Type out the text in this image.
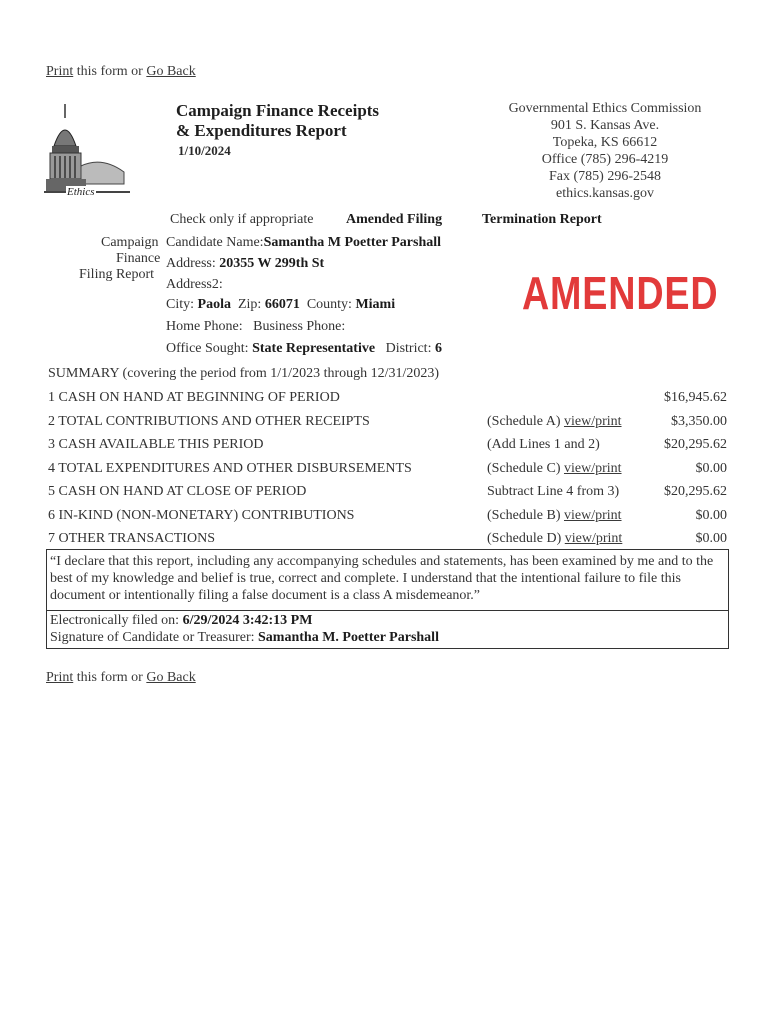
Print this form or Go Back
Ethics
Campaign Finance Receipts
& Expenditures Report
1/10/2024
Governmental Ethics Commission
901 S. Kansas Ave.
Topeka, KS 66612
Office (785) 296-4219
Fax (785) 296-2548
ethics.kansas.gov
Check only if appropriate Amended Filing	Termination Report
Campaign
Finance
Filing Report
Candidate Name:Samantha M Poetter Parshall
Address: 20355 W 299th St
Address2:
City: Paola Zip: 66071 County: Miami
Home Phone: Business Phone:
Office Sought: State Representative District: 6
AMENDED
SUMMARY (covering the period from 1/1/2023 through 12/31/2023)
1 CASH ON HAND AT BEGINNING OF PERIOD	$16,945.62
2 TOTAL CONTRIBUTIONS AND OTHER RECEIPTS	(Schedule A) view/print	$3,350.00
3 CASH AVAILABLE THIS PERIOD	(Add Lines 1 and 2)	$20,295.62
4 TOTAL EXPENDITURES AND OTHER DISBURSEMENTS	(Schedule C) view/print	$0.00
5 CASH ON HAND AT CLOSE OF PERIOD	Subtract Line 4 from 3)	$20,295.62
6 IN-KIND (NON-MONETARY) CONTRIBUTIONS	(Schedule B) view/print	$0.00
7 OTHER TRANSACTIONS	(Schedule D) view/print	$0.00
“I declare that this report, including any accompanying schedules and statements, has been examined by me and to the best of my knowledge and belief is true, correct and complete. I understand that the intentional failure to file this document or intentionally filing a false document is a class A misdemeanor.”
Electronically filed on: 6/29/2024 3:42:13 PM
Signature of Candidate or Treasurer: Samantha M. Poetter Parshall
Print this form or Go Back
